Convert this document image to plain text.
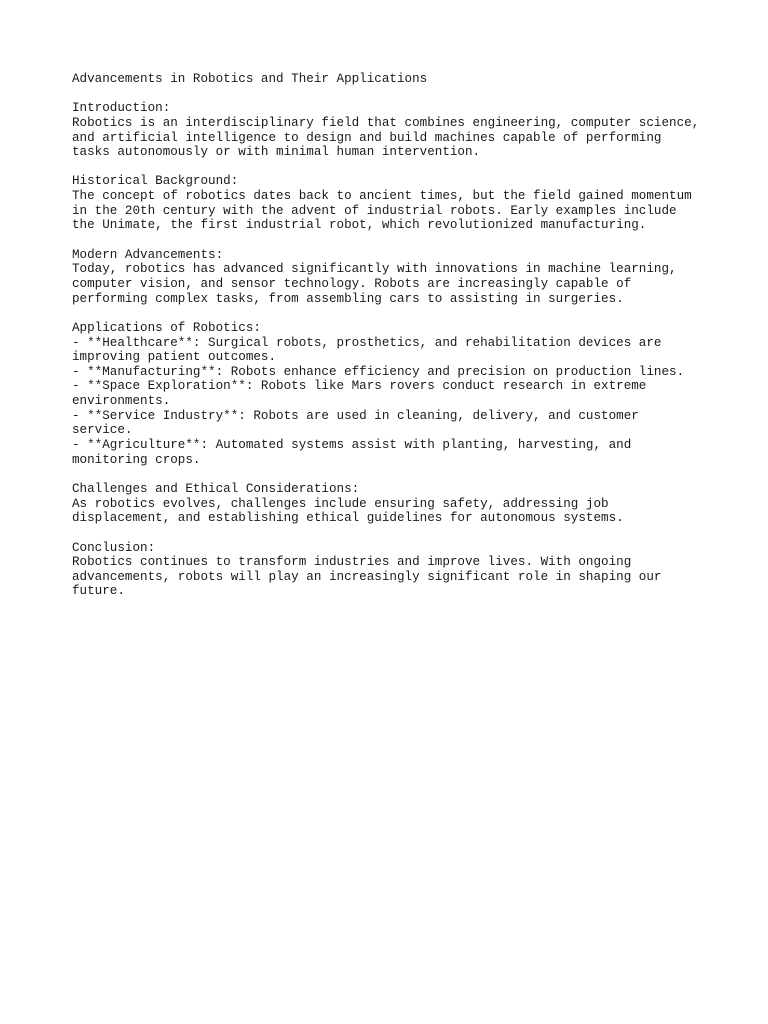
Advancements in Robotics and Their Applications
Introduction:
Robotics is an interdisciplinary field that combines engineering, computer science,
and artificial intelligence to design and build machines capable of performing
tasks autonomously or with minimal human intervention.
Historical Background:
The concept of robotics dates back to ancient times, but the field gained momentum
in the 20th century with the advent of industrial robots. Early examples include
the Unimate, the first industrial robot, which revolutionized manufacturing.
Modern Advancements:
Today, robotics has advanced significantly with innovations in machine learning,
computer vision, and sensor technology. Robots are increasingly capable of
performing complex tasks, from assembling cars to assisting in surgeries.
Applications of Robotics:
- **Healthcare**: Surgical robots, prosthetics, and rehabilitation devices are
improving patient outcomes.
- **Manufacturing**: Robots enhance efficiency and precision on production lines.
- **Space Exploration**: Robots like Mars rovers conduct research in extreme
environments.
- **Service Industry**: Robots are used in cleaning, delivery, and customer
service.
- **Agriculture**: Automated systems assist with planting, harvesting, and
monitoring crops.
Challenges and Ethical Considerations:
As robotics evolves, challenges include ensuring safety, addressing job
displacement, and establishing ethical guidelines for autonomous systems.
Conclusion:
Robotics continues to transform industries and improve lives. With ongoing
advancements, robots will play an increasingly significant role in shaping our
future.
